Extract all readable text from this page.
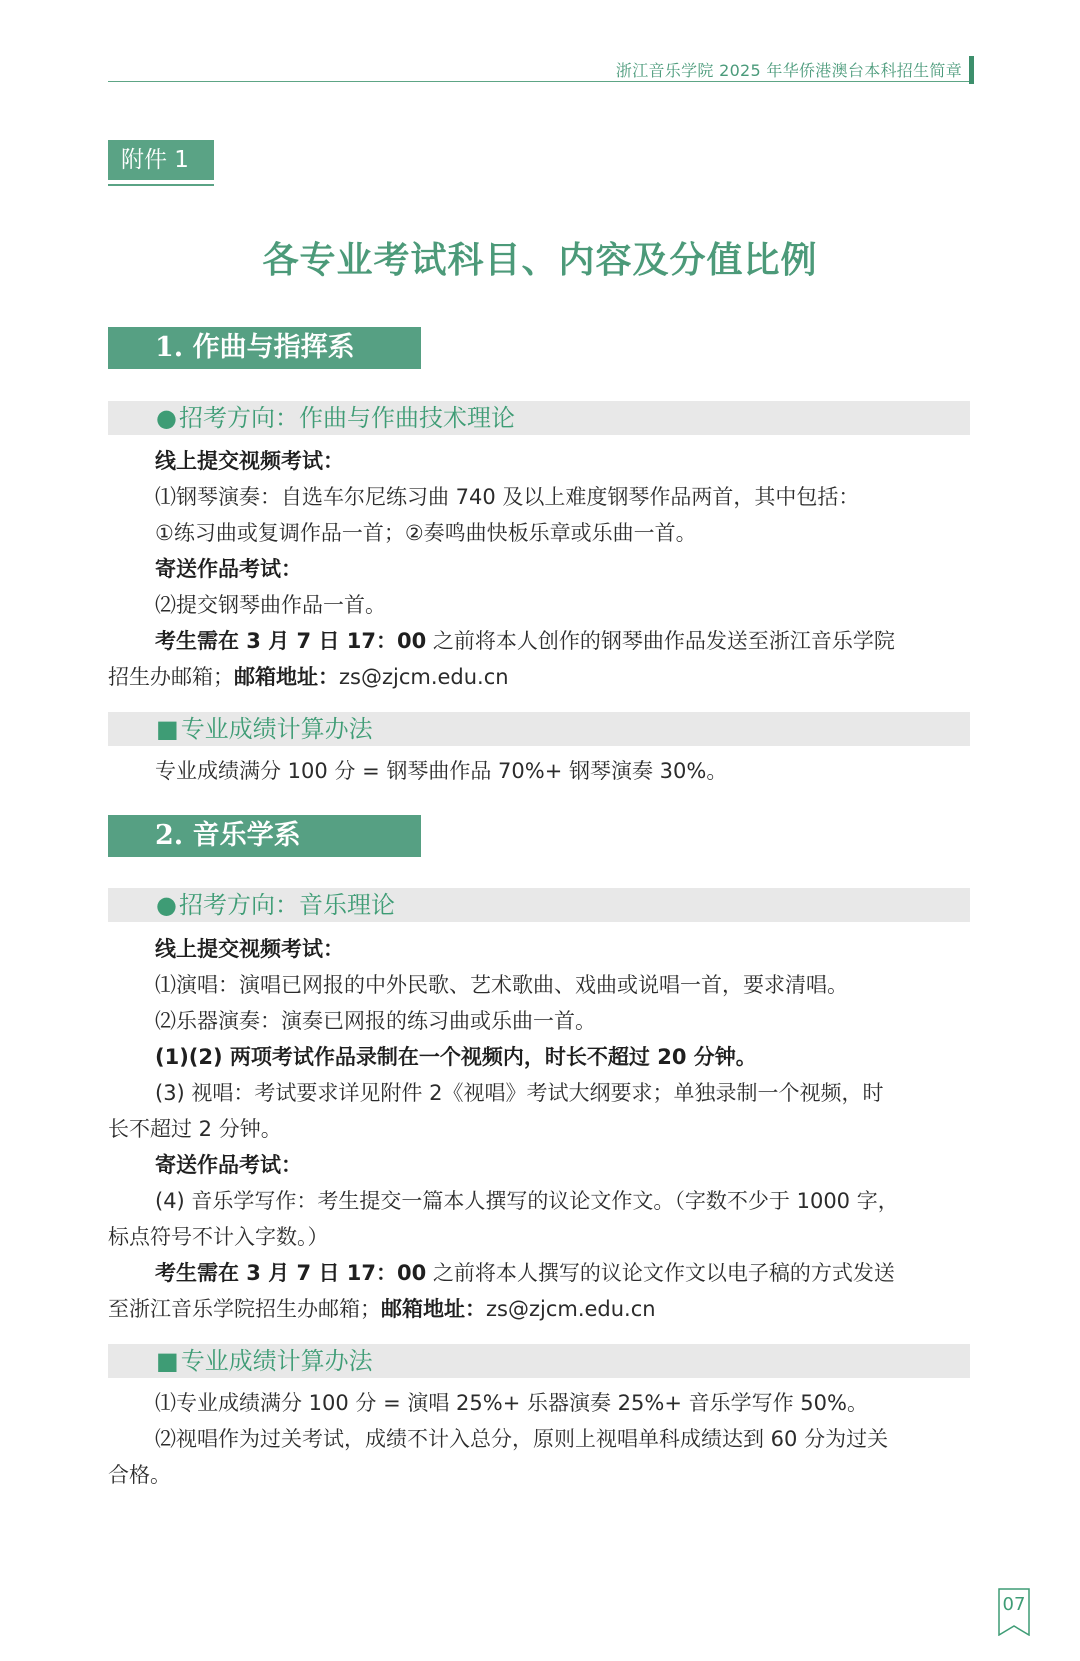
浙江音乐学院 2025 年华侨港澳台本科招生简章
附件 1
各专业考试科目、内容及分值比例
1. 作曲与指挥系
●招考方向：作曲与作曲技术理论
线上提交视频考试：
⑴钢琴演奏：自选车尔尼练习曲 740 及以上难度钢琴作品两首，其中包括：
①练习曲或复调作品一首；②奏鸣曲快板乐章或乐曲一首。
寄送作品考试：
⑵提交钢琴曲作品一首。
考生需在 3 月 7 日 17：00 之前将本人创作的钢琴曲作品发送至浙江音乐学院
招生办邮箱；邮箱地址：zs@zjcm.edu.cn
■专业成绩计算办法
专业成绩满分 100 分 = 钢琴曲作品 70%+ 钢琴演奏 30%。
2. 音乐学系
●招考方向：音乐理论
线上提交视频考试：
⑴演唱：演唱已网报的中外民歌、艺术歌曲、戏曲或说唱一首，要求清唱。
⑵乐器演奏：演奏已网报的练习曲或乐曲一首。
(1)(2) 两项考试作品录制在一个视频内，时长不超过 20 分钟。
(3) 视唱：考试要求详见附件 2《视唱》考试大纲要求；单独录制一个视频，时
长不超过 2 分钟。
寄送作品考试：
(4) 音乐学写作：考生提交一篇本人撰写的议论文作文。（字数不少于 1000 字，
标点符号不计入字数。）
考生需在 3 月 7 日 17：00 之前将本人撰写的议论文作文以电子稿的方式发送
至浙江音乐学院招生办邮箱；邮箱地址：zs@zjcm.edu.cn
■专业成绩计算办法
⑴专业成绩满分 100 分 = 演唱 25%+ 乐器演奏 25%+ 音乐学写作 50%。
⑵视唱作为过关考试，成绩不计入总分，原则上视唱单科成绩达到 60 分为过关
合格。
07
